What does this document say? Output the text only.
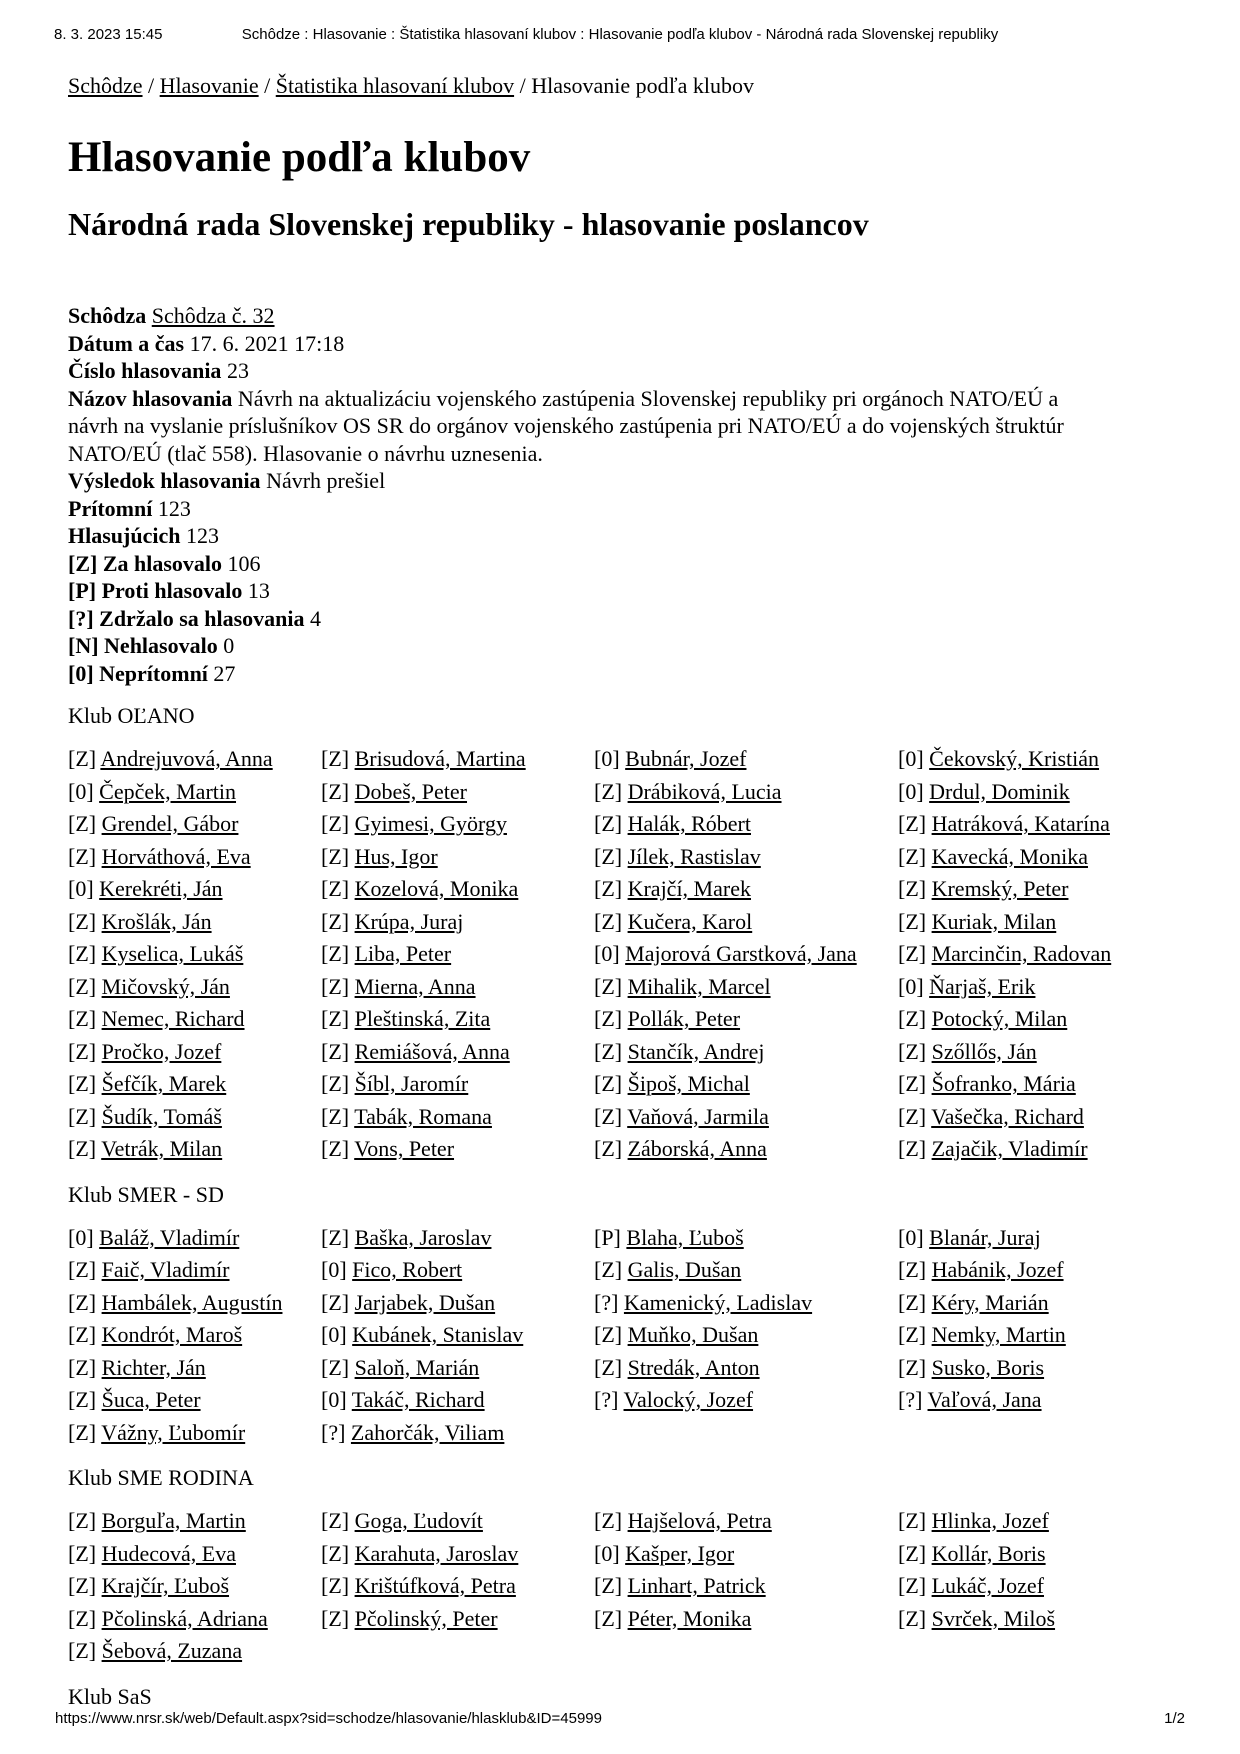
8. 3. 2023 15:45	Schôdze : Hlasovanie : Štatistika hlasovaní klubov : Hlasovanie podľa klubov - Národná rada Slovenskej republiky
Schôdze / Hlasovanie / Štatistika hlasovaní klubov / Hlasovanie podľa klubov
Hlasovanie podľa klubov
Národná rada Slovenskej republiky - hlasovanie poslancov
Schôdza Schôdza č. 32
Dátum a čas 17. 6. 2021 17:18
Číslo hlasovania 23
Názov hlasovania Návrh na aktualizáciu vojenského zastúpenia Slovenskej republiky pri orgánoch NATO/EÚ a návrh na vyslanie príslušníkov OS SR do orgánov vojenského zastúpenia pri NATO/EÚ a do vojenských štruktúr NATO/EÚ (tlač 558). Hlasovanie o návrhu uznesenia.
Výsledok hlasovania Návrh prešiel
Prítomní 123
Hlasujúcich 123
[Z] Za hlasovalo 106
[P] Proti hlasovalo 13
[?] Zdržalo sa hlasovania 4
[N] Nehlasovalo 0
[0] Neprítomní 27
Klub OĽANO
[Z] Andrejuvová, Anna	[Z] Brisudová, Martina	[0] Bubnár, Jozef	[0] Čekovský, Kristián
[0] Čepček, Martin	[Z] Dobeš, Peter	[Z] Drábiková, Lucia	[0] Drdul, Dominik
[Z] Grendel, Gábor	[Z] Gyimesi, György	[Z] Halák, Róbert	[Z] Hatráková, Katarína
[Z] Horváthová, Eva	[Z] Hus, Igor	[Z] Jílek, Rastislav	[Z] Kavecká, Monika
[0] Kerekréti, Ján	[Z] Kozelová, Monika	[Z] Krajčí, Marek	[Z] Kremský, Peter
[Z] Krošlák, Ján	[Z] Krúpa, Juraj	[Z] Kučera, Karol	[Z] Kuriak, Milan
[Z] Kyselica, Lukáš	[Z] Liba, Peter	[0] Majorová Garstková, Jana	[Z] Marcinčin, Radovan
[Z] Mičovský, Ján	[Z] Mierna, Anna	[Z] Mihalik, Marcel	[0] Ňarjaš, Erik
[Z] Nemec, Richard	[Z] Pleštinská, Zita	[Z] Pollák, Peter	[Z] Potocký, Milan
[Z] Pročko, Jozef	[Z] Remiášová, Anna	[Z] Stančík, Andrej	[Z] Szőllős, Ján
[Z] Šefčík, Marek	[Z] Šíbl, Jaromír	[Z] Šipoš, Michal	[Z] Šofranko, Mária
[Z] Šudík, Tomáš	[Z] Tabák, Romana	[Z] Vaňová, Jarmila	[Z] Vašečka, Richard
[Z] Vetrák, Milan	[Z] Vons, Peter	[Z] Záborská, Anna	[Z] Zajačik, Vladimír
Klub SMER - SD
[0] Baláž, Vladimír	[Z] Baška, Jaroslav	[P] Blaha, Ľuboš	[0] Blanár, Juraj
[Z] Faič, Vladimír	[0] Fico, Robert	[Z] Galis, Dušan	[Z] Habánik, Jozef
[Z] Hambálek, Augustín	[Z] Jarjabek, Dušan	[?] Kamenický, Ladislav	[Z] Kéry, Marián
[Z] Kondrót, Maroš	[0] Kubánek, Stanislav	[Z] Muňko, Dušan	[Z] Nemky, Martin
[Z] Richter, Ján	[Z] Saloň, Marián	[Z] Stredák, Anton	[Z] Susko, Boris
[Z] Šuca, Peter	[0] Takáč, Richard	[?] Valocký, Jozef	[?] Vaľová, Jana
[Z] Vážny, Ľubomír	[?] Zahorčák, Viliam
Klub SME RODINA
[Z] Borguľa, Martin	[Z] Goga, Ľudovít	[Z] Hajšelová, Petra	[Z] Hlinka, Jozef
[Z] Hudecová, Eva	[Z] Karahuta, Jaroslav	[0] Kašper, Igor	[Z] Kollár, Boris
[Z] Krajčír, Ľuboš	[Z] Krištúfková, Petra	[Z] Linhart, Patrick	[Z] Lukáč, Jozef
[Z] Pčolinská, Adriana	[Z] Pčolinský, Peter	[Z] Péter, Monika	[Z] Svrček, Miloš
[Z] Šebová, Zuzana
Klub SaS
https://www.nrsr.sk/web/Default.aspx?sid=schodze/hlasovanie/hlasklub&ID=45999	1/2
